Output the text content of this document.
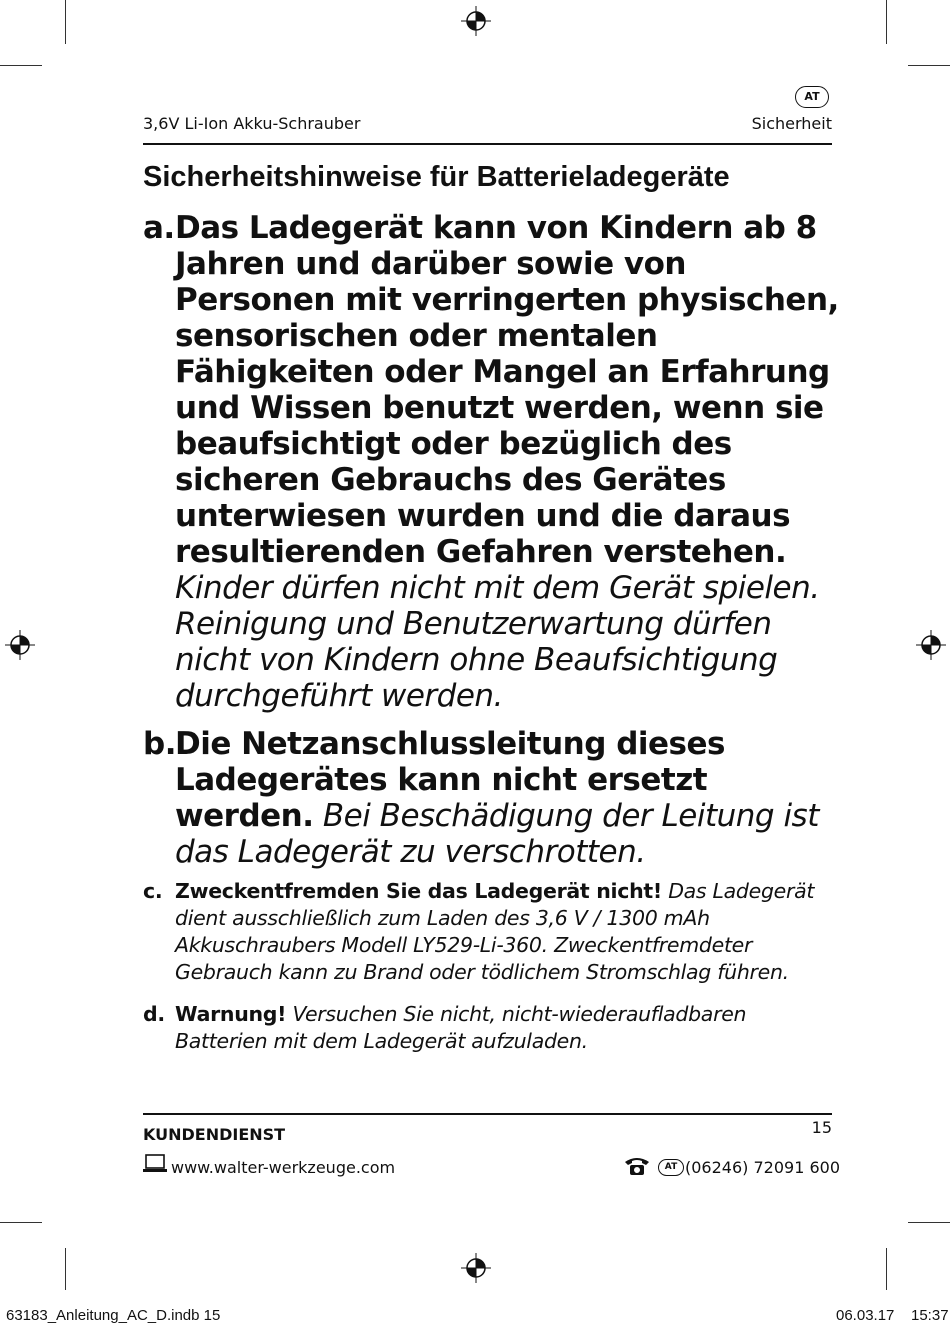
AT
3,6V Li-Ion Akku-Schrauber	Sicherheit
Sicherheitshinweise für Batterieladegeräte
a. Das Ladegerät kann von Kindern ab 8 Jahren und darüber sowie von Personen mit verringerten physischen, sensorischen oder mentalen Fähigkeiten oder Mangel an Erfahrung und Wissen benutzt werden, wenn sie beaufsichtigt oder bezüglich des sicheren Gebrauchs des Gerätes unterwiesen wurden und die daraus resultierenden Gefahren verstehen. Kinder dürfen nicht mit dem Gerät spielen. Reinigung und Benutzerwartung dürfen nicht von Kindern ohne Beaufsichtigung durchgeführt werden.
b. Die Netzanschlussleitung dieses Ladegerätes kann nicht ersetzt werden. Bei Beschädigung der Leitung ist das Ladegerät zu verschrotten.
c. Zweckentfremden Sie das Ladegerät nicht! Das Ladegerät dient ausschließlich zum Laden des 3,6 V / 1300 mAh Akkuschraubers Modell LY529-Li-360. Zweckentfremdeter Gebrauch kann zu Brand oder tödlichem Stromschlag führen.
d. Warnung! Versuchen Sie nicht, nicht-wiederaufladbaren Batterien mit dem Ladegerät aufzuladen.
KUNDENDIENST	15
www.walter-werkzeuge.com	AT (06246) 72091 600
63183_Anleitung_AC_D.indb 15	06.03.17 15:37
